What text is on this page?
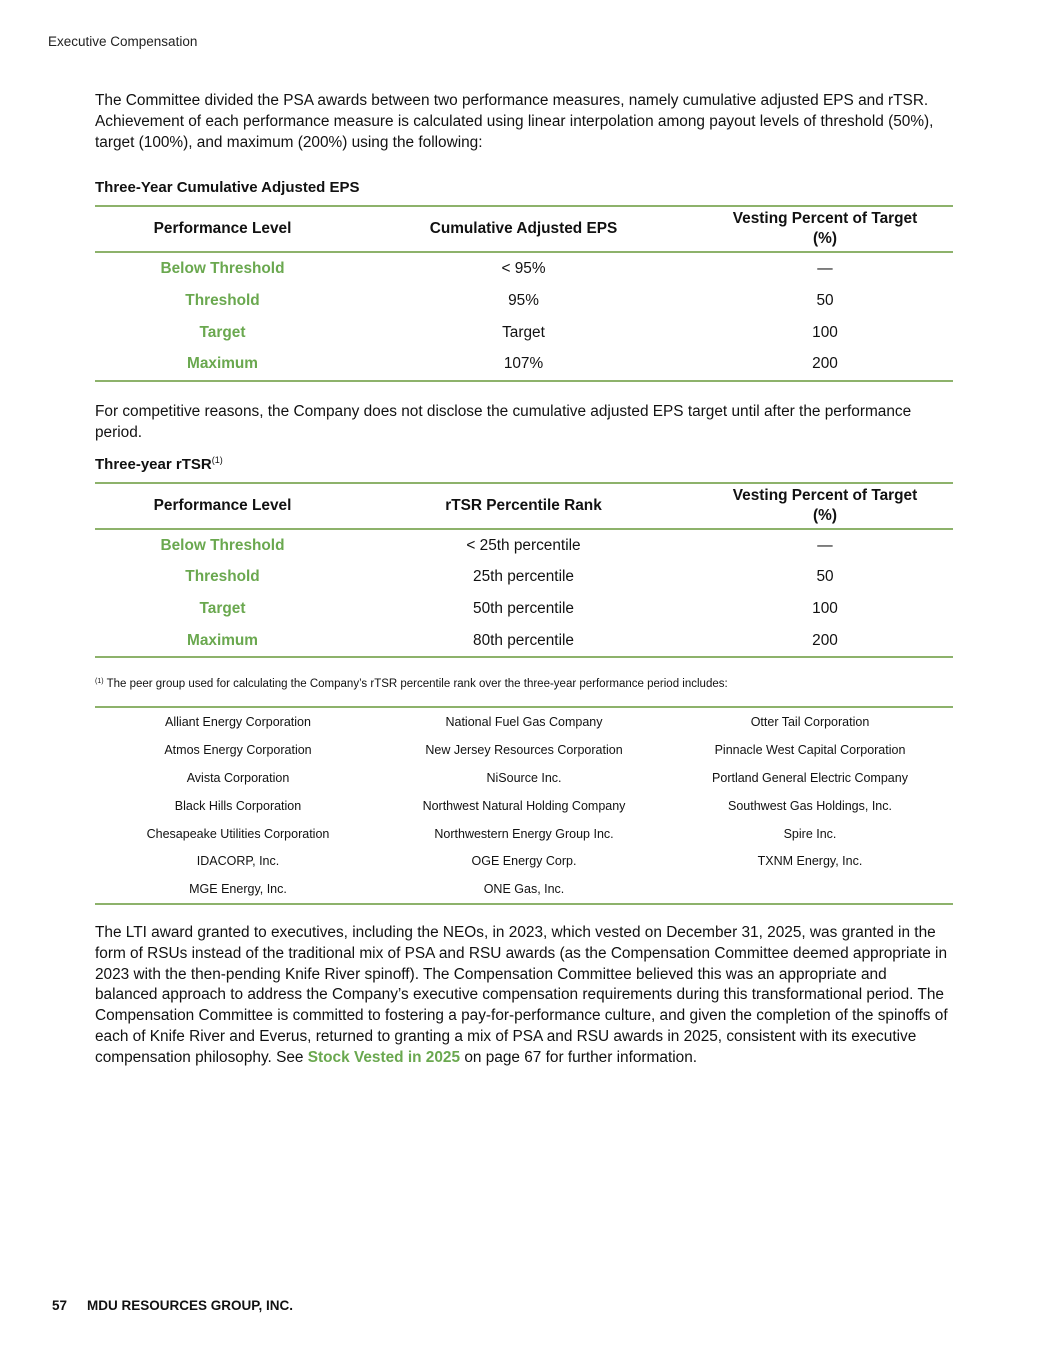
Executive Compensation

The Committee divided the PSA awards between two performance measures, namely cumulative adjusted EPS and rTSR. Achievement of each performance measure is calculated using linear interpolation among payout levels of threshold (50%), target (100%), and maximum (200%) using the following:

Three-Year Cumulative Adjusted EPS
Performance Level	Cumulative Adjusted EPS	Vesting Percent of Target (%)
Below Threshold	< 95%	—
Threshold	95%	50
Target	Target	100
Maximum	107%	200

For competitive reasons, the Company does not disclose the cumulative adjusted EPS target until after the performance period.

Three-year rTSR$^{(1)}$
Performance Level	rTSR Percentile Rank	Vesting Percent of Target (%)
Below Threshold	< 25th percentile	—
Threshold	25th percentile	50
Target	50th percentile	100
Maximum	80th percentile	200

$^{(1)}$ The peer group used for calculating the Company’s rTSR percentile rank over the three-year performance period includes:

Alliant Energy Corporation	National Fuel Gas Company	Otter Tail Corporation
Atmos Energy Corporation	New Jersey Resources Corporation	Pinnacle West Capital Corporation
Avista Corporation	NiSource Inc.	Portland General Electric Company
Black Hills Corporation	Northwest Natural Holding Company	Southwest Gas Holdings, Inc.
Chesapeake Utilities Corporation	Northwestern Energy Group Inc.	Spire Inc.
IDACORP, Inc.	OGE Energy Corp.	TXNM Energy, Inc.
MGE Energy, Inc.	ONE Gas, Inc.	

The LTI award granted to executives, including the NEOs, in 2023, which vested on December 31, 2025, was granted in the form of RSUs instead of the traditional mix of PSA and RSU awards (as the Compensation Committee deemed appropriate in 2023 with the then-pending Knife River spinoff). The Compensation Committee believed this was an appropriate and balanced approach to address the Company’s executive compensation requirements during this transformational period. The Compensation Committee is committed to fostering a pay-for-performance culture, and given the completion of the spinoffs of each of Knife River and Everus, returned to granting a mix of PSA and RSU awards in 2025, consistent with its executive compensation philosophy. See Stock Vested in 2025 on page 67 for further information.

57 MDU RESOURCES GROUP, INC.
